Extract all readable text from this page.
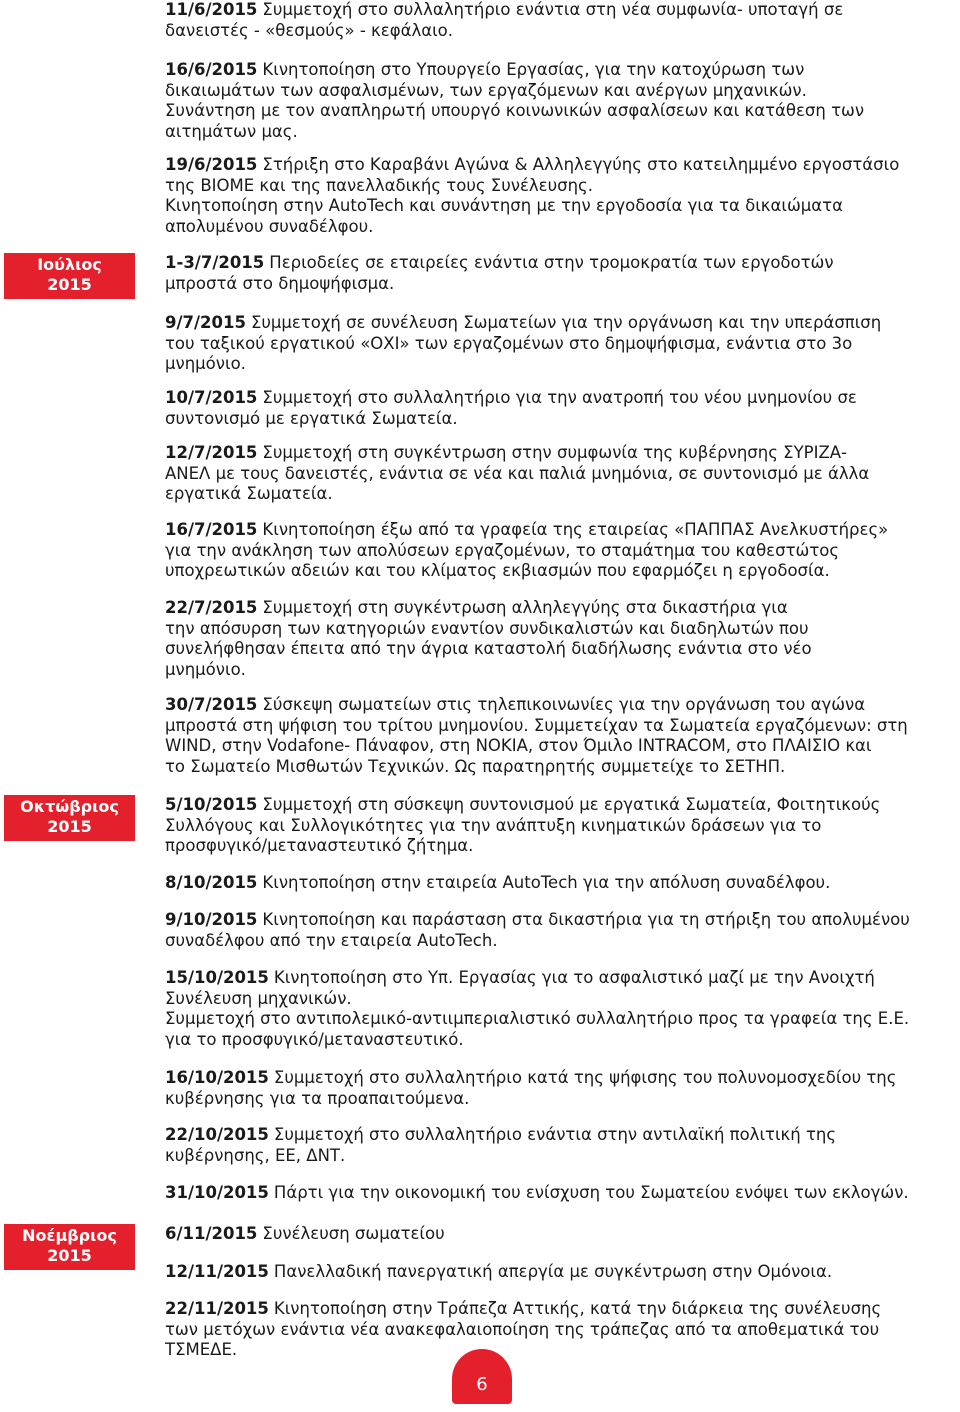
Ιούλιος
2015
Οκτώβριος
2015
Νοέμβριος
2015
11/6/2015 Συμμετοχή στο συλλαλητήριο ενάντια στη νέα συμφωνία- υποταγή σε
δανειστές - «θεσμούς» - κεφάλαιο.
16/6/2015 Κινητοποίηση στο Υπουργείο Εργασίας, για την κατοχύρωση των
δικαιωμάτων των ασφαλισμένων, των εργαζόμενων και ανέργων μηχανικών.
Συνάντηση με τον αναπληρωτή υπουργό κοινωνικών ασφαλίσεων και κατάθεση των
αιτημάτων μας.
19/6/2015 Στήριξη στο Καραβάνι Αγώνα & Αλληλεγγύης στο κατειλημμένο εργοστάσιο
της ΒΙΟΜΕ και της πανελλαδικής τους Συνέλευσης.
Κινητοποίηση στην AutoTech και συνάντηση με την εργοδοσία για τα δικαιώματα
απολυμένου συναδέλφου.
1-3/7/2015 Περιοδείες σε εταιρείες ενάντια στην τρομοκρατία των εργοδοτών
μπροστά στο δημοψήφισμα.
9/7/2015 Συμμετοχή σε συνέλευση Σωματείων για την οργάνωση και την υπεράσπιση
του ταξικού εργατικού «ΟΧΙ» των εργαζομένων στο δημοψήφισμα, ενάντια στο 3ο
μνημόνιο.
10/7/2015 Συμμετοχή στο συλλαλητήριο για την ανατροπή του νέου μνημονίου σε
συντονισμό με εργατικά Σωματεία.
12/7/2015 Συμμετοχή στη συγκέντρωση στην συμφωνία της κυβέρνησης ΣΥΡΙΖΑ-
ΑΝΕΛ με τους δανειστές, ενάντια σε νέα και παλιά μνημόνια, σε συντονισμό με άλλα
εργατικά Σωματεία.
16/7/2015 Κινητοποίηση έξω από τα γραφεία της εταιρείας «ΠΑΠΠΑΣ Ανελκυστήρες»
για την ανάκληση των απολύσεων εργαζομένων, το σταμάτημα του καθεστώτος
υποχρεωτικών αδειών και του κλίματος εκβιασμών που εφαρμόζει η εργοδοσία.
22/7/2015 Συμμετοχή στη συγκέντρωση αλληλεγγύης στα δικαστήρια για
την απόσυρση των κατηγοριών εναντίον συνδικαλιστών και διαδηλωτών που
συνελήφθησαν έπειτα από την άγρια καταστολή διαδήλωσης ενάντια στο νέο
μνημόνιο.
30/7/2015 Σύσκεψη σωματείων στις τηλεπικοινωνίες για την οργάνωση του αγώνα
μπροστά στη ψήφιση του τρίτου μνημονίου. Συμμετείχαν τα Σωματεία εργαζόμενων: στη
WIND, στην Vodafone- Πάναφον, στη ΝΟΚΙΑ, στον Όμιλο INTRACOM, στο ΠΛΑΙΣΙΟ και
το Σωματείο Μισθωτών Τεχνικών. Ως παρατηρητής συμμετείχε το ΣΕΤΗΠ.
5/10/2015 Συμμετοχή στη σύσκεψη συντονισμού με εργατικά Σωματεία, Φοιτητικούς
Συλλόγους και Συλλογικότητες για την ανάπτυξη κινηματικών δράσεων για το
προσφυγικό/μεταναστευτικό ζήτημα.
8/10/2015 Κινητοποίηση στην εταιρεία AutoTech για την απόλυση συναδέλφου.
9/10/2015 Κινητοποίηση και παράσταση στα δικαστήρια για τη στήριξη του απολυμένου
συναδέλφου από την εταιρεία AutoTech.
15/10/2015 Κινητοποίηση στο Υπ. Εργασίας για το ασφαλιστικό μαζί με την Ανοιχτή
Συνέλευση μηχανικών.
Συμμετοχή στο αντιπολεμικό-αντιιμπεριαλιστικό συλλαλητήριο προς τα γραφεία της Ε.Ε.
για το προσφυγικό/μεταναστευτικό.
16/10/2015 Συμμετοχή στο συλλαλητήριο κατά της ψήφισης του πολυνομοσχεδίου της
κυβέρνησης για τα προαπαιτούμενα.
22/10/2015 Συμμετοχή στο συλλαλητήριο ενάντια στην αντιλαϊκή πολιτική της
κυβέρνησης, ΕΕ, ΔΝΤ.
31/10/2015 Πάρτι για την οικονομική του ενίσχυση του Σωματείου ενόψει των εκλογών.
6/11/2015 Συνέλευση σωματείου
12/11/2015 Πανελλαδική πανεργατική απεργία με συγκέντρωση στην Ομόνοια.
22/11/2015 Κινητοποίηση στην Τράπεζα Αττικής, κατά την διάρκεια της συνέλευσης
των μετόχων ενάντια νέα ανακεφαλαιοποίηση της τράπεζας από τα αποθεματικά του
ΤΣΜΕΔΕ.
6
